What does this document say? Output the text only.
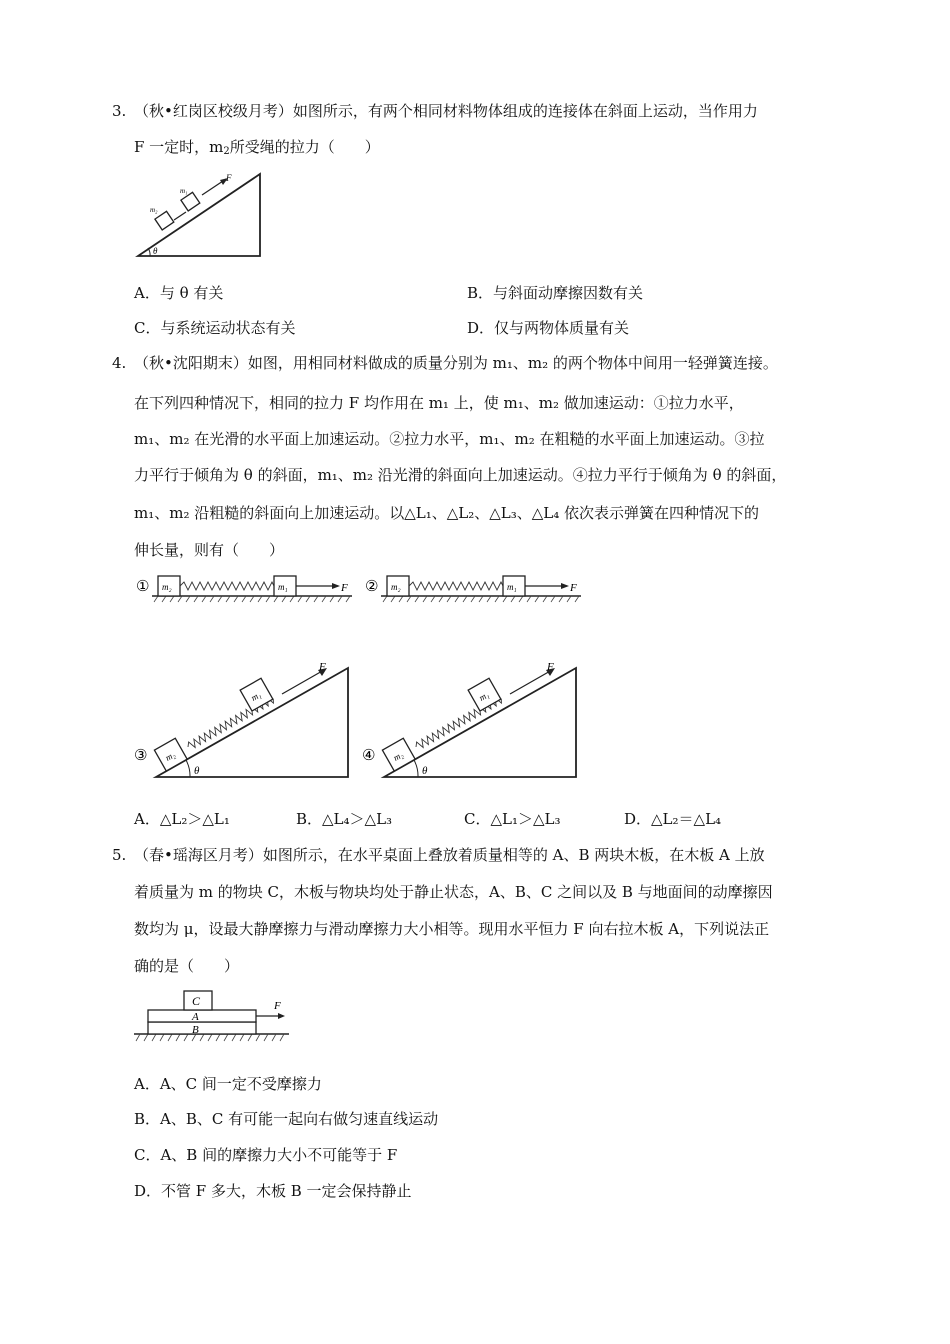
3. （秋•红岗区校级月考）如图所示，有两个相同材料物体组成的连接体在斜面上运动，当作用力
F 一定时，$m_2$所受绳的拉力（　　）
F
m₁
m₂
θ
A．与 θ 有关	B．与斜面动摩擦因数有关
C．与系统运动状态有关	D．仅与两物体质量有关
4. （秋•沈阳期末）如图，用相同材料做成的质量分别为 m₁、m₂ 的两个物体中间用一轻弹簧连接。
在下列四种情况下，相同的拉力 F 均作用在 m₁ 上，使 m₁、m₂ 做加速运动：①拉力水平，
m₁、m₂ 在光滑的水平面上加速运动。②拉力水平，m₁、m₂ 在粗糙的水平面上加速运动。③拉
力平行于倾角为 θ 的斜面，m₁、m₂ 沿光滑的斜面向上加速运动。④拉力平行于倾角为 θ 的斜面，
m₁、m₂ 沿粗糙的斜面向上加速运动。以△L₁、△L₂、△L₃、△L₄ 依次表示弹簧在四种情况下的
伸长量，则有（　　）
① m₂	m₁	F ② m₂	m₁	F
③ m₂
m₁
F
θ
④ m₂
m₁
F
θ
A．△L₂＞△L₁	B．△L₄＞△L₃	C．△L₁＞△L₃	D．△L₂＝△L₄
5. （春•瑶海区月考）如图所示，在水平桌面上叠放着质量相等的 A、B 两块木板，在木板 A 上放
着质量为 m 的物块 C，木板与物块均处于静止状态，A、B、C 之间以及 B 与地面间的动摩擦因
数均为 μ，设最大静摩擦力与滑动摩擦力大小相等。现用水平恒力 F 向右拉木板 A，下列说法正
确的是（　　）
B
A
C	F
A．A、C 间一定不受摩擦力
B．A、B、C 有可能一起向右做匀速直线运动
C．A、B 间的摩擦力大小不可能等于 F
D．不管 F 多大，木板 B 一定会保持静止
